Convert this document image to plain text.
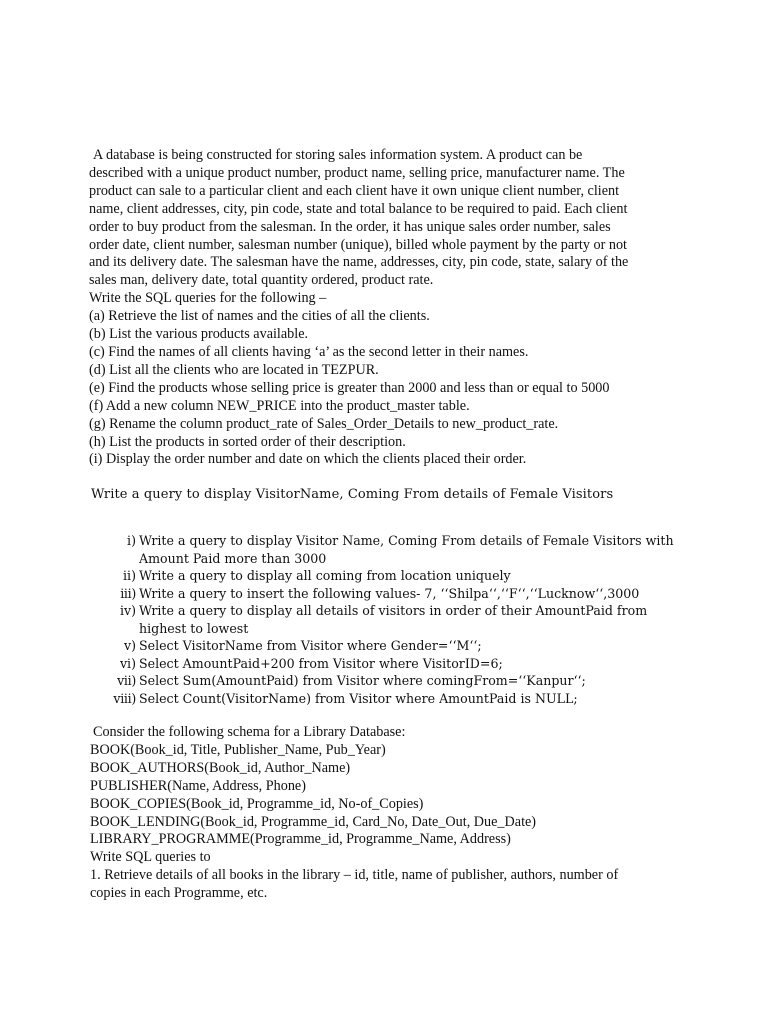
A database is being constructed for storing sales information system. A product can be

described with a unique product number, product name, selling price, manufacturer name. The

product can sale to a particular client and each client have it own unique client number, client

name, client addresses, city, pin code, state and total balance to be required to paid. Each client

order to buy product from the salesman. In the order, it has unique sales order number, sales

order date, client number, salesman number (unique), billed whole payment by the party or not

and its delivery date. The salesman have the name, addresses, city, pin code, state, salary of the

sales man, delivery date, total quantity ordered, product rate.

Write the SQL queries for the following –

(a) Retrieve the list of names and the cities of all the clients.

(b) List the various products available.

(c) Find the names of all clients having ‘a’ as the second letter in their names.

(d) List all the clients who are located in TEZPUR.

(e) Find the products whose selling price is greater than 2000 and less than or equal to 5000

(f) Add a new column NEW_PRICE into the product_master table.

(g) Rename the column product_rate of Sales_Order_Details to new_product_rate.

(h) List the products in sorted order of their description.

(i) Display the order number and date on which the clients placed their order.

Write a query to display VisitorName, Coming From details of Female Visitors
i) Write a query to display Visitor Name, Coming From details of Female Visitors with Amount Paid more than 3000
ii) Write a query to display all coming from location uniquely
iii) Write a query to insert the following values- 7, ‘‘Shilpa‘‘,‘‘F‘‘,‘‘Lucknow‘‘,3000
iv) Write a query to display all details of visitors in order of their AmountPaid from highest to lowest
v) Select VisitorName from Visitor where Gender=‘‘M‘‘;
vi) Select AmountPaid+200 from Visitor where VisitorID=6;
vii) Select Sum(AmountPaid) from Visitor where comingFrom=‘‘Kanpur‘‘;
viii) Select Count(VisitorName) from Visitor where AmountPaid is NULL;

Consider the following schema for a Library Database:

BOOK(Book_id, Title, Publisher_Name, Pub_Year)

BOOK_AUTHORS(Book_id, Author_Name)

PUBLISHER(Name, Address, Phone)

BOOK_COPIES(Book_id, Programme_id, No-of_Copies)

BOOK_LENDING(Book_id, Programme_id, Card_No, Date_Out, Due_Date)

LIBRARY_PROGRAMME(Programme_id, Programme_Name, Address)

Write SQL queries to

1. Retrieve details of all books in the library – id, title, name of publisher, authors, number of

copies in each Programme, etc.
